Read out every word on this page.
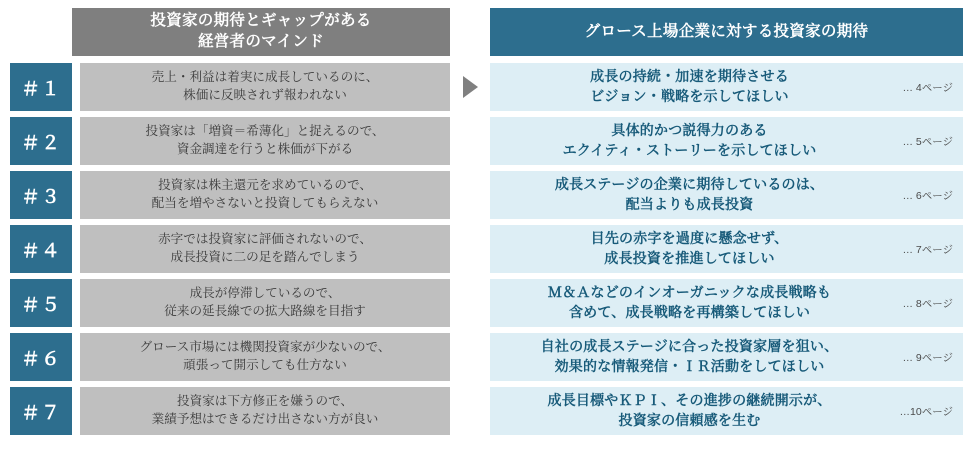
投資家の期待とギャップがある
経営者のマインド
グロース上場企業に対する投資家の期待
＃１
売上・利益は着実に成長しているのに、
株価に反映されず報われない
成長の持続・加速を期待させる
ビジョン・戦略を示してほしい
… 4ページ
＃２
投資家は「増資＝希薄化」と捉えるので、
資金調達を行うと株価が下がる
具体的かつ説得力のある
エクイティ・ストーリーを示してほしい
… 5ページ
＃３
投資家は株主還元を求めているので、
配当を増やさないと投資してもらえない
成長ステージの企業に期待しているのは、
配当よりも成長投資
… 6ページ
＃４
赤字では投資家に評価されないので、
成長投資に二の足を踏んでしまう
目先の赤字を過度に懸念せず、
成長投資を推進してほしい
… 7ページ
＃５
成長が停滞しているので、
従来の延長線での拡大路線を目指す
Ｍ＆Ａなどのインオーガニックな成長戦略も
含めて、成長戦略を再構築してほしい
… 8ページ
＃６
グロース市場には機関投資家が少ないので、
頑張って開示しても仕方ない
自社の成長ステージに合った投資家層を狙い、
効果的な情報発信・ＩＲ活動をしてほしい
… 9ページ
＃７
投資家は下方修正を嫌うので、
業績予想はできるだけ出さない方が良い
成長目標やＫＰＩ、その進捗の継続開示が、
投資家の信頼感を生む
…10ページ
